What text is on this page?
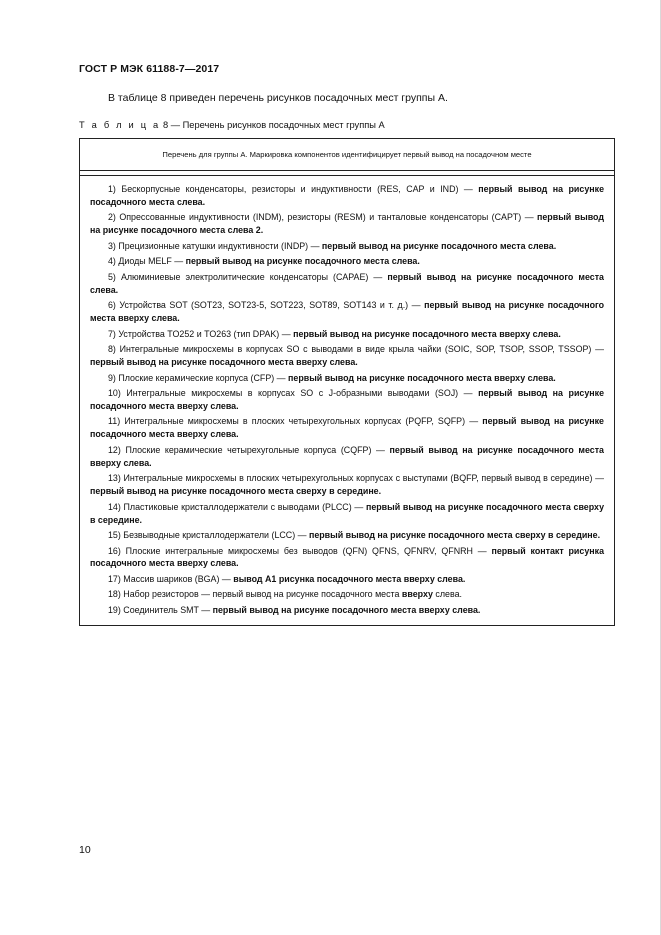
ГОСТ Р МЭК 61188-7—2017
В таблице 8 приведен перечень рисунков посадочных мест группы А.
Т а б л и ц а 8 — Перечень рисунков посадочных мест группы А
Перечень для группы А. Маркировка компонентов идентифицирует первый вывод на посадочном месте

1) Бескорпусные конденсаторы, резисторы и индуктивности (RES, CAP и IND) — первый вывод на рисунке посадочного места слева.

2) Опрессованные индуктивности (INDM), резисторы (RESM) и танталовые конденсаторы (CAPT) — первый вывод на рисунке посадочного места слева 2.

3) Прецизионные катушки индуктивности (INDP) — первый вывод на рисунке посадочного места слева.

4) Диоды MELF — первый вывод на рисунке посадочного места слева.

5) Алюминиевые электролитические конденсаторы (CAPAE) — первый вывод на рисунке посадочного места слева.

6) Устройства SOT (SOT23, SOT23-5, SOT223, SOT89, SOT143 и т. д.) — первый вывод на рисунке посадочного места вверху слева.

7) Устройства TO252 и TO263 (тип DPAK) — первый вывод на рисунке посадочного места вверху слева.

8) Интегральные микросхемы в корпусах SO с выводами в виде крыла чайки (SOIC, SOP, TSOP, SSOP, TSSOP) — первый вывод на рисунке посадочного места вверху слева.

9) Плоские керамические корпуса (CFP) — первый вывод на рисунке посадочного места вверху слева.

10) Интегральные микросхемы в корпусах SO с J-образными выводами (SOJ) — первый вывод на рисунке посадочного места вверху слева.

11) Интегральные микросхемы в плоских четырехугольных корпусах (PQFP, SQFP) — первый вывод на рисунке посадочного места вверху слева.

12) Плоские керамические четырехугольные корпуса (CQFP) — первый вывод на рисунке посадочного места вверху слева.

13) Интегральные микросхемы в плоских четырехугольных корпусах с выступами (BQFP, первый вывод в середине) — первый вывод на рисунке посадочного места сверху в середине.

14) Пластиковые кристаллодержатели с выводами (PLCC) — первый вывод на рисунке посадочного места сверху в середине.

15) Безвыводные кристаллодержатели (LCC) — первый вывод на рисунке посадочного места сверху в середине.

16) Плоские интегральные микросхемы без выводов (QFN) QFNS, QFNRV, QFNRH — первый контакт рисунка посадочного места вверху слева.

17) Массив шариков (BGA) — вывод A1 рисунка посадочного места вверху слева.

18) Набор резисторов — первый вывод на рисунке посадочного места вверху слева.

19) Соединитель SMT — первый вывод на рисунке посадочного места вверху слева.

10
